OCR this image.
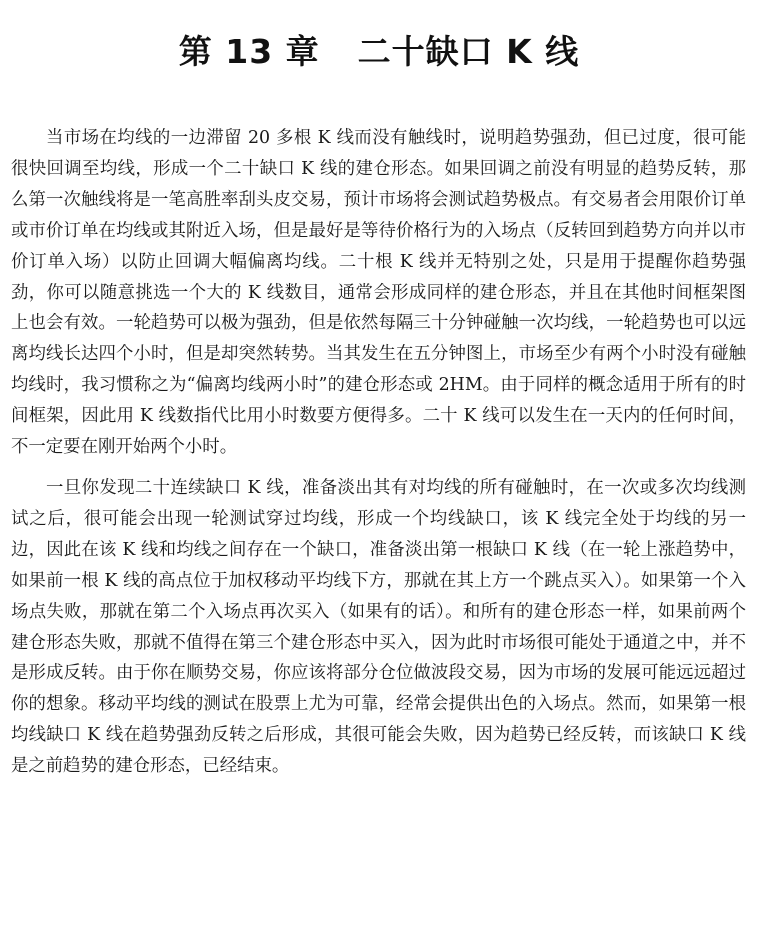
第 13 章 二十缺口 K 线

当市场在均线的一边滞留 20 多根 K 线而没有触线时，说明趋势强劲，但已过度，很可能很快回调至均线，形成一个二十缺口 K 线的建仓形态。如果回调之前没有明显的趋势反转，那么第一次触线将是一笔高胜率刮头皮交易，预计市场将会测试趋势极点。有交易者会用限价订单或市价订单在均线或其附近入场，但是最好是等待价格行为的入场点（反转回到趋势方向并以市价订单入场）以防止回调大幅偏离均线。二十根 K 线并无特别之处，只是用于提醒你趋势强劲，你可以随意挑选一个大的 K 线数目，通常会形成同样的建仓形态，并且在其他时间框架图上也会有效。一轮趋势可以极为强劲，但是依然每隔三十分钟碰触一次均线，一轮趋势也可以远离均线长达四个小时，但是却突然转势。当其发生在五分钟图上，市场至少有两个小时没有碰触均线时，我习惯称之为“偏离均线两小时”的建仓形态或 2HM。由于同样的概念适用于所有的时间框架，因此用 K 线数指代比用小时数要方便得多。二十 K 线可以发生在一天内的任何时间，不一定要在刚开始两个小时。

一旦你发现二十连续缺口 K 线，准备淡出其有对均线的所有碰触时，在一次或多次均线测试之后，很可能会出现一轮测试穿过均线，形成一个均线缺口，该 K 线完全处于均线的另一边，因此在该 K 线和均线之间存在一个缺口，准备淡出第一根缺口 K 线（在一轮上涨趋势中，如果前一根 K 线的高点位于加权移动平均线下方，那就在其上方一个跳点买入）。如果第一个入场点失败，那就在第二个入场点再次买入（如果有的话）。和所有的建仓形态一样，如果前两个建仓形态失败，那就不值得在第三个建仓形态中买入，因为此时市场很可能处于通道之中，并不是形成反转。由于你在顺势交易，你应该将部分仓位做波段交易，因为市场的发展可能远远超过你的想象。移动平均线的测试在股票上尤为可靠，经常会提供出色的入场点。然而，如果第一根均线缺口 K 线在趋势强劲反转之后形成，其很可能会失败，因为趋势已经反转，而该缺口 K 线是之前趋势的建仓形态，已经结束。
